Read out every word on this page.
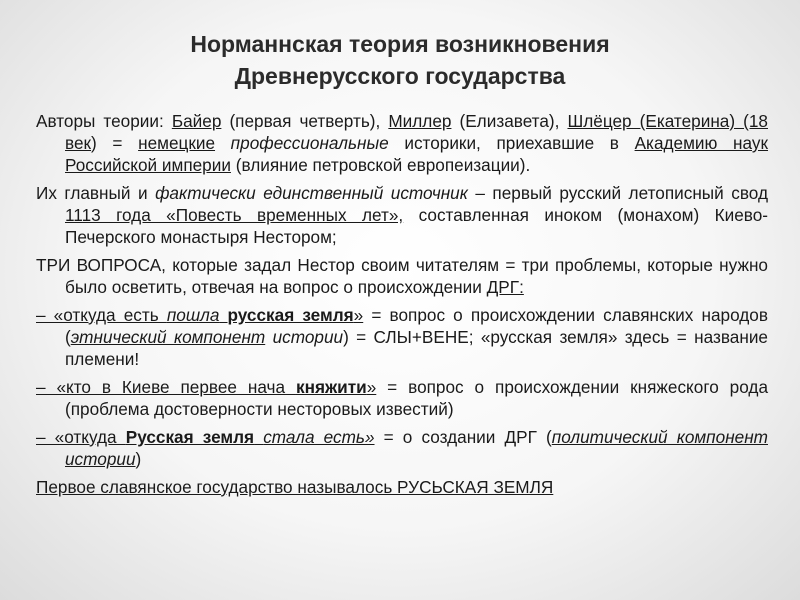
Норманнская теория возникновения
Древнерусского государства

Авторы теории: Байер (первая четверть), Миллер (Елизавета), Шлёцер (Екатерина) (18 век) = немецкие профессиональные историки, приехавшие в Академию наук Российской империи (влияние петровской европеизации).

Их главный и фактически единственный источник – первый русский летописный свод 1113 года «Повесть временных лет», составленная иноком (монахом) Киево-Печерского монастыря Нестором;

ТРИ ВОПРОСА, которые задал Нестор своим читателям = три проблемы, которые нужно было осветить, отвечая на вопрос о происхождении ДРГ:

– «откуда есть пошла русская земля» = вопрос о происхождении славянских народов (этнический компонент истории) = СЛЫ+ВЕНЕ; «русская земля» здесь = название племени!

– «кто в Киеве первее нача княжити» = вопрос о происхождении княжеского рода (проблема достоверности несторовых известий)

– «откуда Русская земля стала есть» = о создании ДРГ (политический компонент истории)

Первое славянское государство называлось РУСЬСКАЯ ЗЕМЛЯ
